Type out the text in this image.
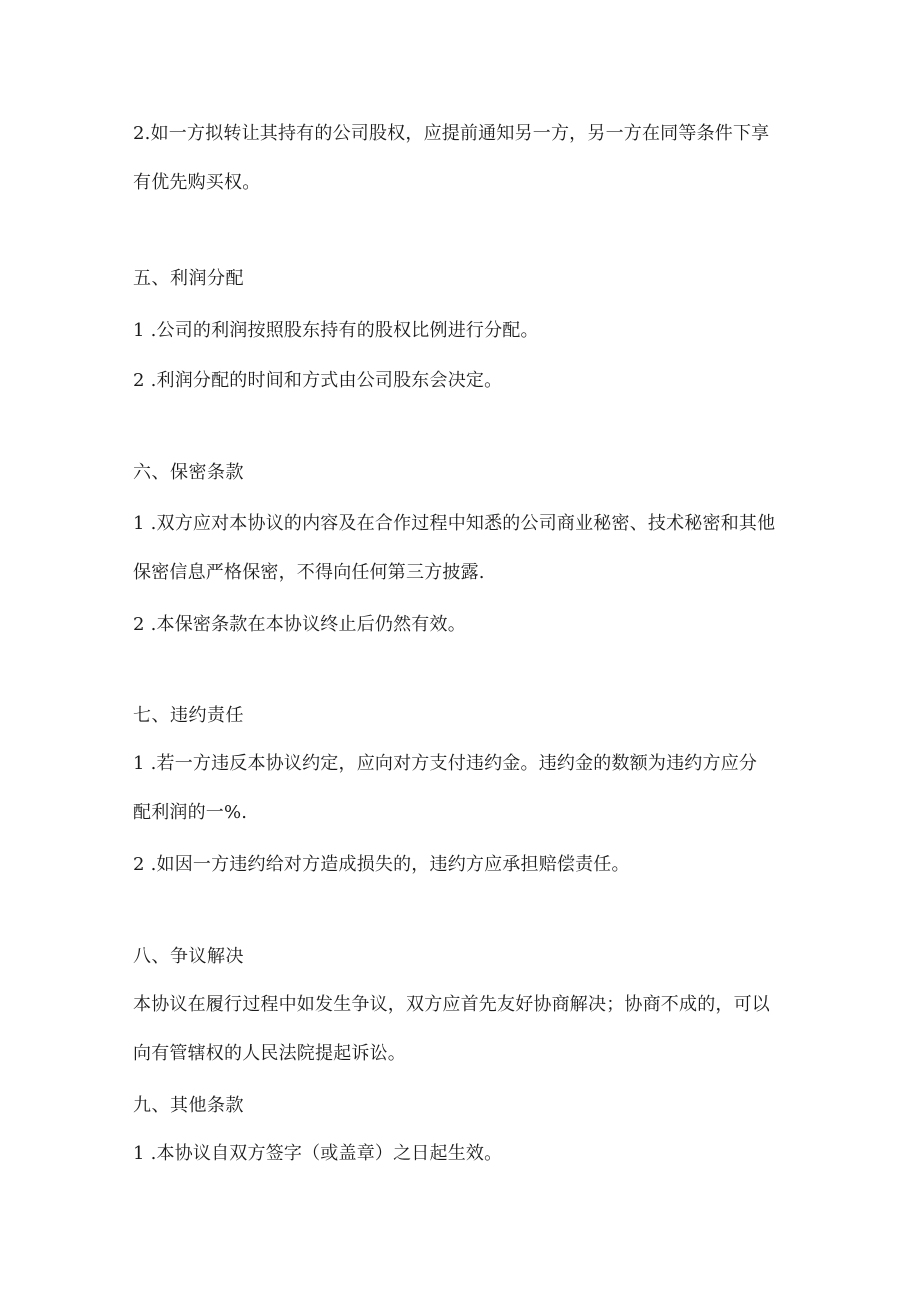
2.如一方拟转让其持有的公司股权，应提前通知另一方，另一方在同等条件下享
有优先购买权。
五、利润分配
1 .公司的利润按照股东持有的股权比例进行分配。
2 .利润分配的时间和方式由公司股东会决定。
六、保密条款
1 .双方应对本协议的内容及在合作过程中知悉的公司商业秘密、技术秘密和其他
保密信息严格保密，不得向任何第三方披露.
2 .本保密条款在本协议终止后仍然有效。
七、违约责任
1 .若一方违反本协议约定，应向对方支付违约金。违约金的数额为违约方应分
配利润的一%.
2 .如因一方违约给对方造成损失的，违约方应承担赔偿责任。
八、争议解决
本协议在履行过程中如发生争议，双方应首先友好协商解决；协商不成的，可以
向有管辖权的人民法院提起诉讼。
九、其他条款
1 .本协议自双方签字（或盖章）之日起生效。
